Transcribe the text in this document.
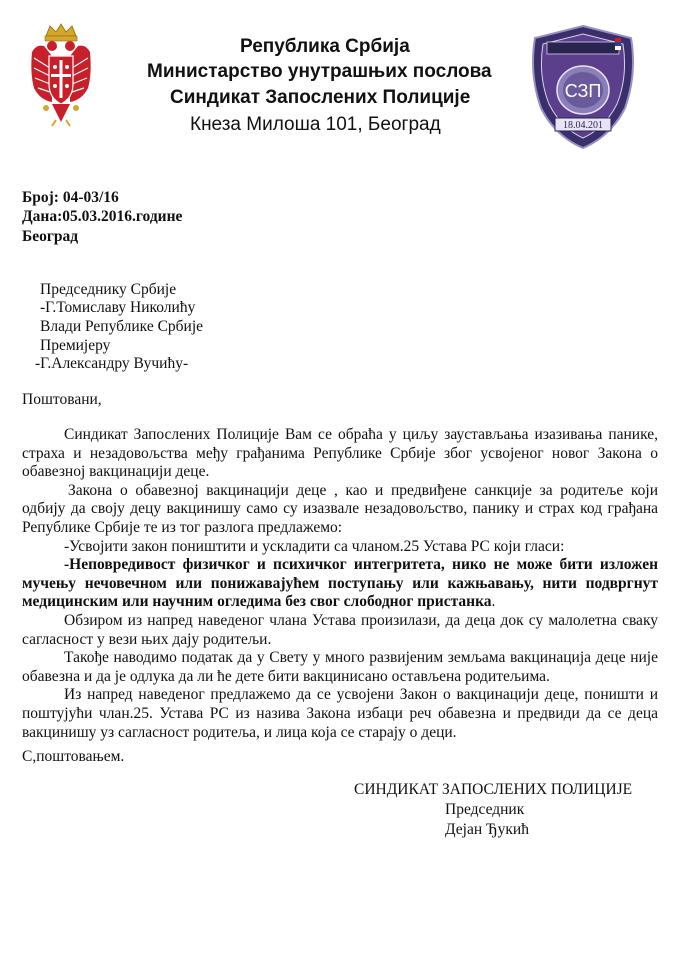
Република Србија
Министарство унутрашњих послова
Синдикат Запослених Полиције
Кнеза Милоша 101, Београд
СЗП
18.04.201
Број: 04-03/16
Дана:05.03.2016.године
Београд
Председнику Србије
-Г.Томиславу Николићу
Влади Републике Србије
Премијеру
-Г.Александру Вучићу-
Поштовани,

Синдикат Запослених Полиције Вам се обраћа у циљу заустављања изазивања панике, страха и незадовољства међу грађанима Републике Србије због усвојеног новог Закона о обавезној вакцинацији деце.

Закона о обавезној вакцинацији деце , као и предвиђене санкције за родитеље који одбију да своју децу вакцинишу само су изазвале незадовољство, панику и страх код грађана Републике Србије те из тог разлога предлажемо:

-Усвојити закон поништити и ускладити са чланом.25 Устава РС који гласи:

-Неповредивост физичког и психичког интегритета, нико не може бити изложен мучењу нечовечном или понижавајућем поступању или кажњавању, нити подвргнут медицинским или научним огледима без свог слободног пристанка.

Обзиром из напред наведеног члана Устава произилази, да деца док су малолетна сваку сагласност у вези њих дају родитељи.

Такође наводимо податак да у Свету у много развијеним земљама вакцинација деце није обавезна и да је одлука да ли ће дете бити вакцинисано остављена родитељима.

Из напред наведеног предлажемо да се усвојени Закон о вакцинацији деце, поништи и поштујући члан.25. Устава РС из назива Закона избаци реч обавезна и предвиди да се деца вакцинишу уз сагласност родитеља, и лица која се старају о деци.

С,поштовањем.
СИНДИКАТ ЗАПОСЛЕНИХ ПОЛИЦИЈЕ
Председник
Дејан Ђукић
